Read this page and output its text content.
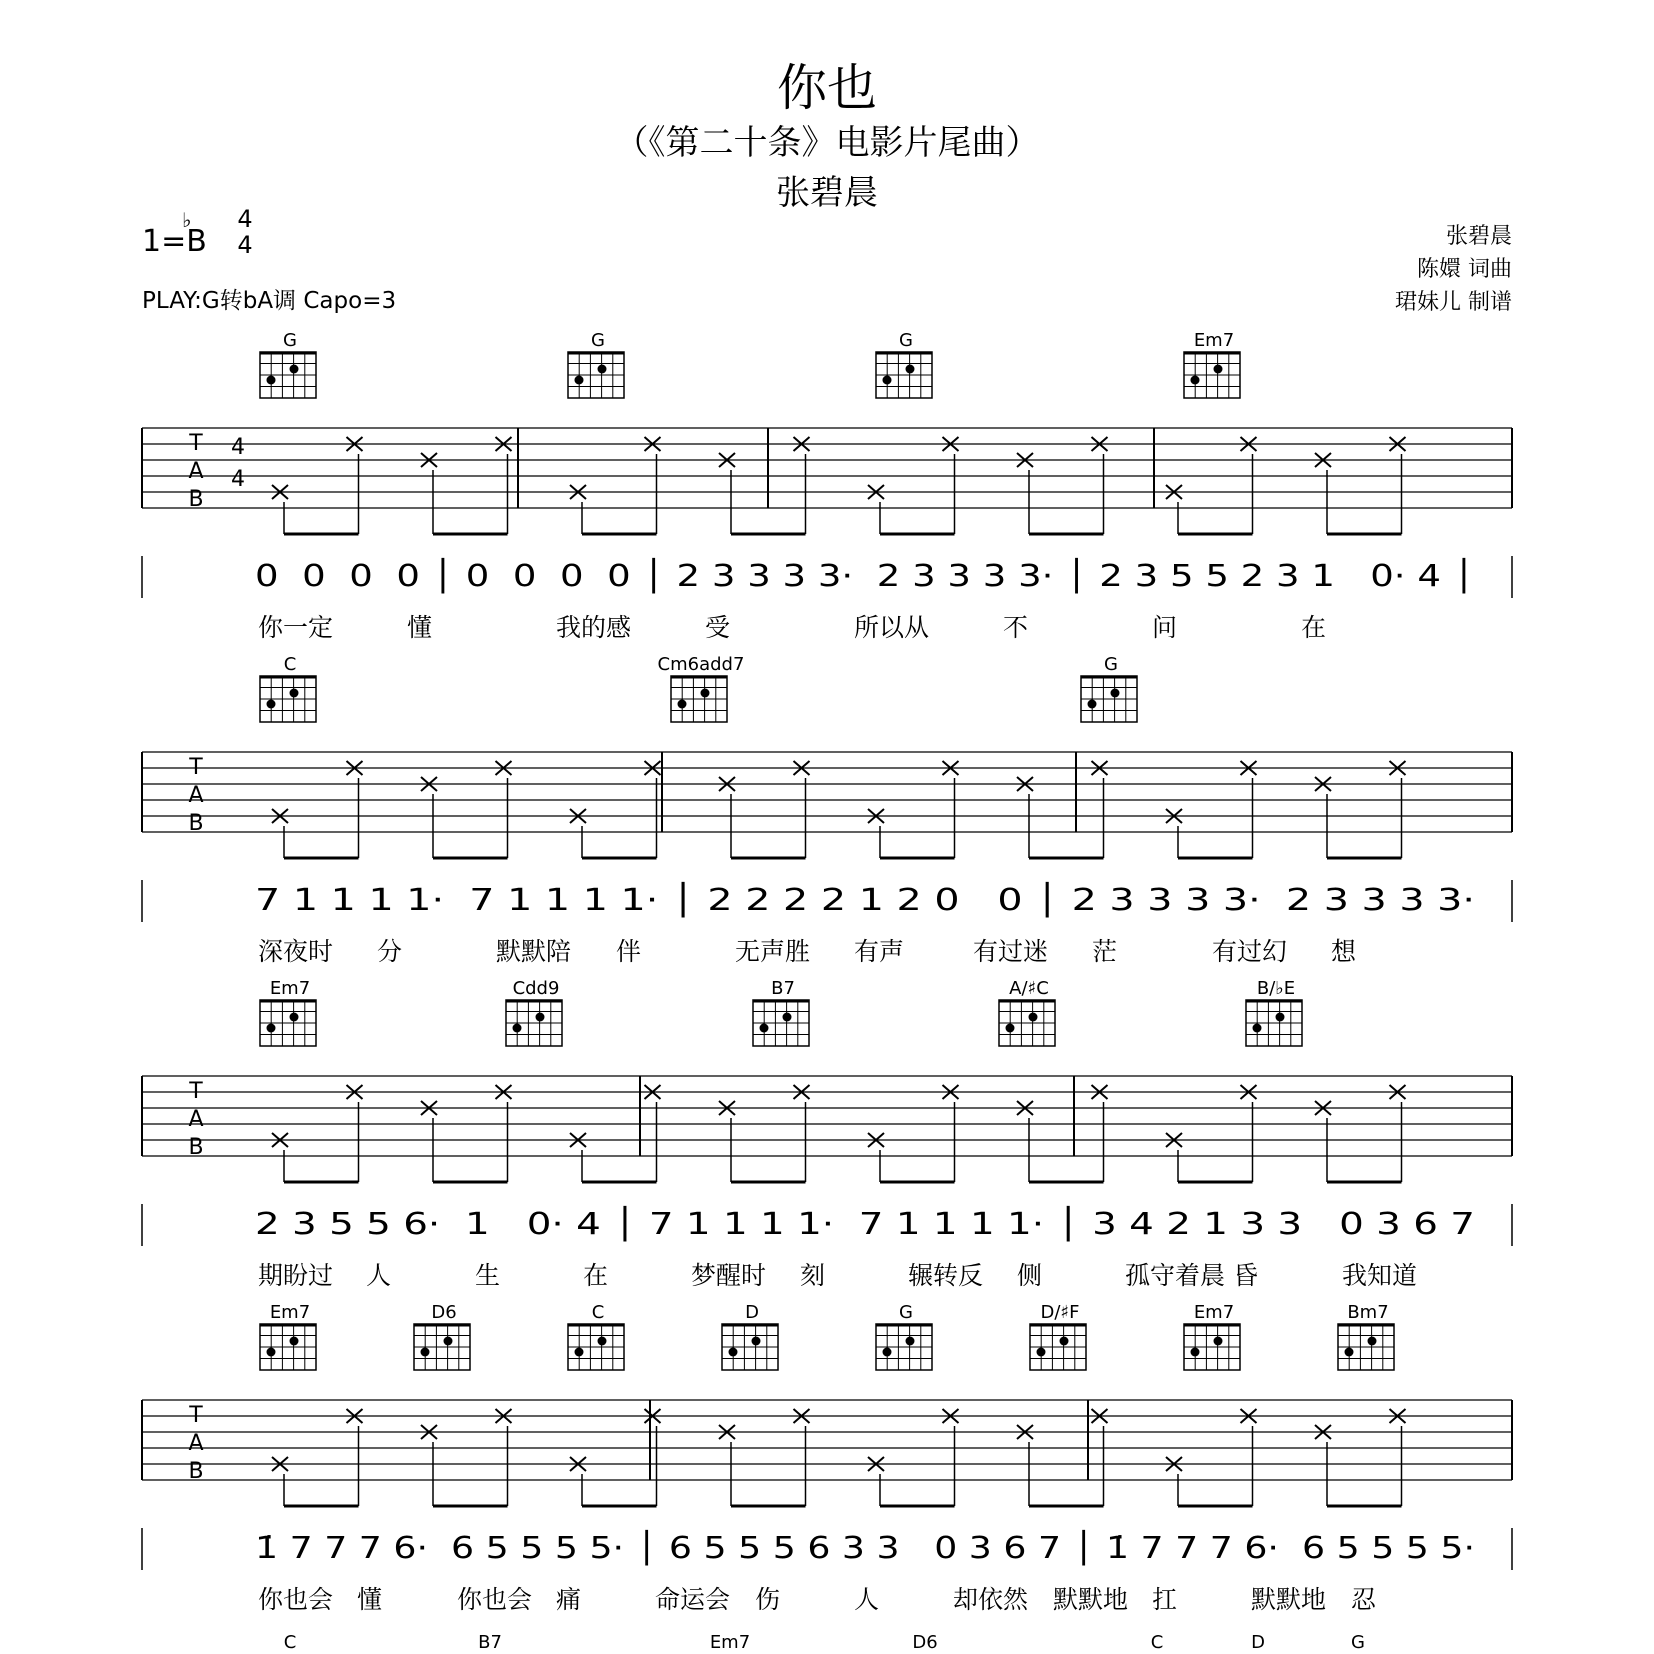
你也
（《第二十条》电影片尾曲）
张碧晨
1=
♭
B
4
4
PLAY:G转bA调 Capo=3
张碧晨
陈嬛 词曲
珺妹儿 制谱
T
A
B
4
4
G	G	G	Em7
0  0  0  0 │ 0  0  0  0 │ 2 3 3 3 3·  2 3 3 3 3· │ 2 3 5 5 2 3 1   0· 4 │
你一定	懂	我的感	受	所以从	不	问	在
T
A
B
C	Cm6add7	G
7 1 1 1 1·  7 1 1 1 1· │ 2 2 2 2 1 2 0   0 │ 2 3 3 3 3·  2 3 3 3 3·
深夜时 分	默默陪 伴	无声胜 有声	有过迷 茫	有过幻 想
T
A
B
Em7	Cdd9	B7	A/♯C	B/♭E
2 3 5 5 6·  1   0· 4 │ 7 1 1 1 1·  7 1 1 1 1· │ 3 4 2 1 3 3   0 3 6 7
期盼过 人	生	在	梦醒时 刻	辗转反 侧	孤守着晨 昏	我知道
T
A
B
Em7	D6	C	D	G	D/♯F	Em7	Bm7
1̇ 7 7 7 6·  6 5 5 5 5· │ 6 5 5 5 6 3 3   0 3 6 7 │ 1̇ 7 7 7 6·  6 5 5 5 5·
你也会 懂	你也会 痛	命运会 伤	人	却依然 默默地 扛	默默地 忍
C	B7	Em7	D6	C	D	G
